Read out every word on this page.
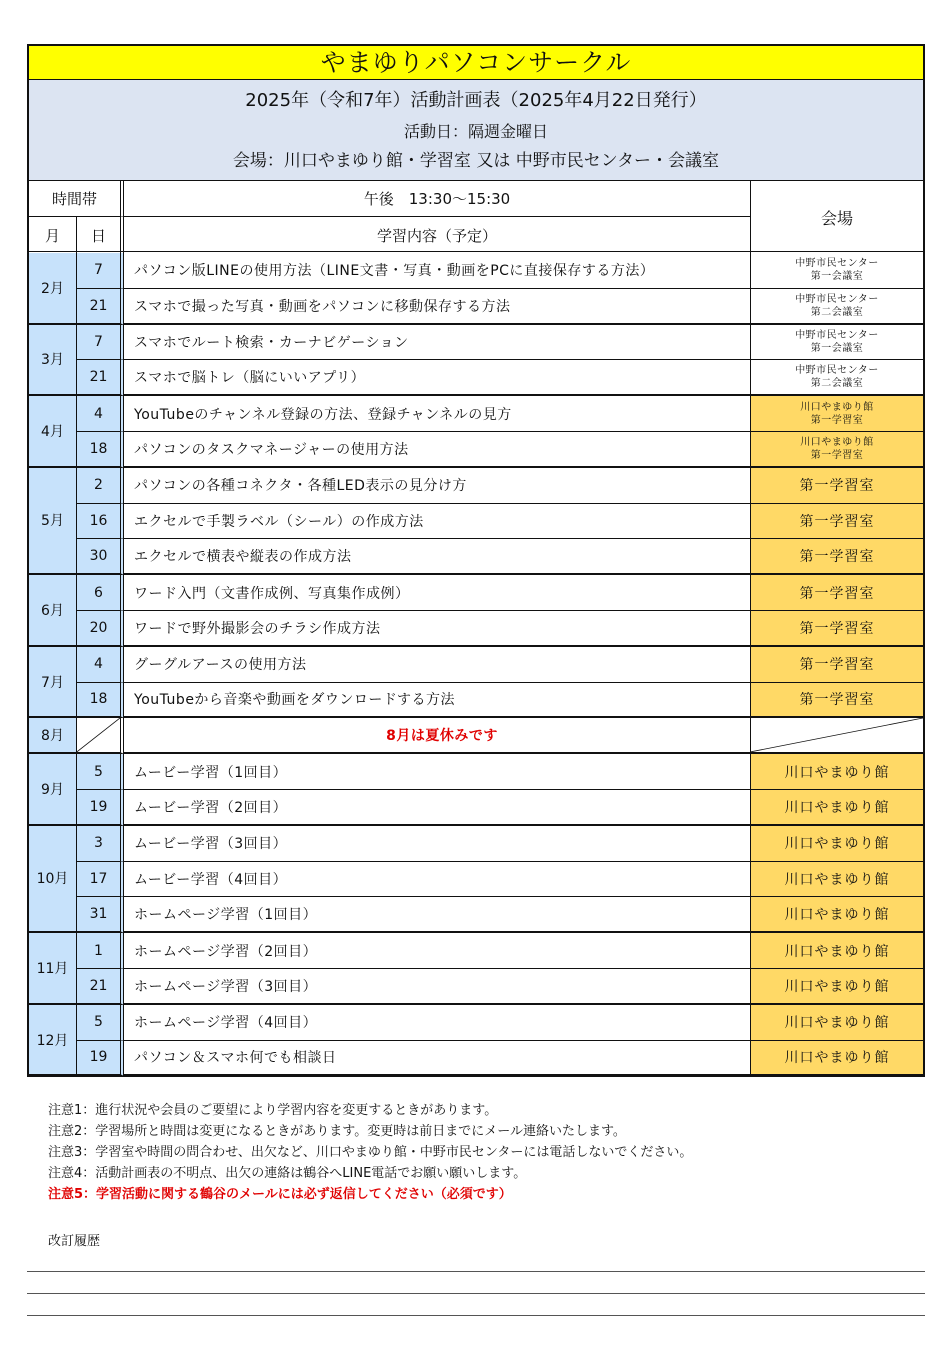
やまゆりパソコンサークル
2025年（令和7年）活動計画表（2025年4月22日発行）
活動日：隔週金曜日
会場：川口やまゆり館・学習室 又は 中野市民センター・会議室
時間帯	午後　13:30～15:30
会場
月	日	学習内容（予定）
2月
7	パソコン版LINEの使用方法（LINE文書・写真・動画をPCに直接保存する方法）	中野市民センター
第一会議室
21	スマホで撮った写真・動画をパソコンに移動保存する方法	中野市民センター
第二会議室
3月
7	スマホでルート検索・カーナビゲーション	中野市民センター
第一会議室
21	スマホで脳トレ（脳にいいアプリ）	中野市民センター
第二会議室
4月
4	YouTubeのチャンネル登録の方法、登録チャンネルの見方	川口やまゆり館
第一学習室
18	パソコンのタスクマネージャーの使用方法	川口やまゆり館
第一学習室
5月
2	パソコンの各種コネクタ・各種LED表示の見分け方	第一学習室
16	エクセルで手製ラベル（シール）の作成方法	第一学習室
30	エクセルで横表や縦表の作成方法	第一学習室
6月
6	ワード入門（文書作成例、写真集作成例）	第一学習室
20	ワードで野外撮影会のチラシ作成方法	第一学習室
7月
4	グーグルアースの使用方法	第一学習室
18	YouTubeから音楽や動画をダウンロードする方法	第一学習室
8月	8月は夏休みです
9月
5	ムービー学習（1回目）	川口やまゆり館
19	ムービー学習（2回目）	川口やまゆり館
10月
3	ムービー学習（3回目）	川口やまゆり館
17	ムービー学習（4回目）	川口やまゆり館
31	ホームページ学習（1回目）	川口やまゆり館
11月
1	ホームページ学習（2回目）	川口やまゆり館
21	ホームページ学習（3回目）	川口やまゆり館
12月
5	ホームページ学習（4回目）	川口やまゆり館
19	パソコン＆スマホ何でも相談日	川口やまゆり館
注意1：進行状況や会員のご要望により学習内容を変更するときがあります。
注意2：学習場所と時間は変更になるときがあります。変更時は前日までにメール連絡いたします。
注意3：学習室や時間の問合わせ、出欠など、川口やまゆり館・中野市民センターには電話しないでください。
注意4：活動計画表の不明点、出欠の連絡は鶴谷へLINE電話でお願い願いします。
注意5：学習活動に関する鶴谷のメールには必ず返信してください（必須です）
改訂履歴
